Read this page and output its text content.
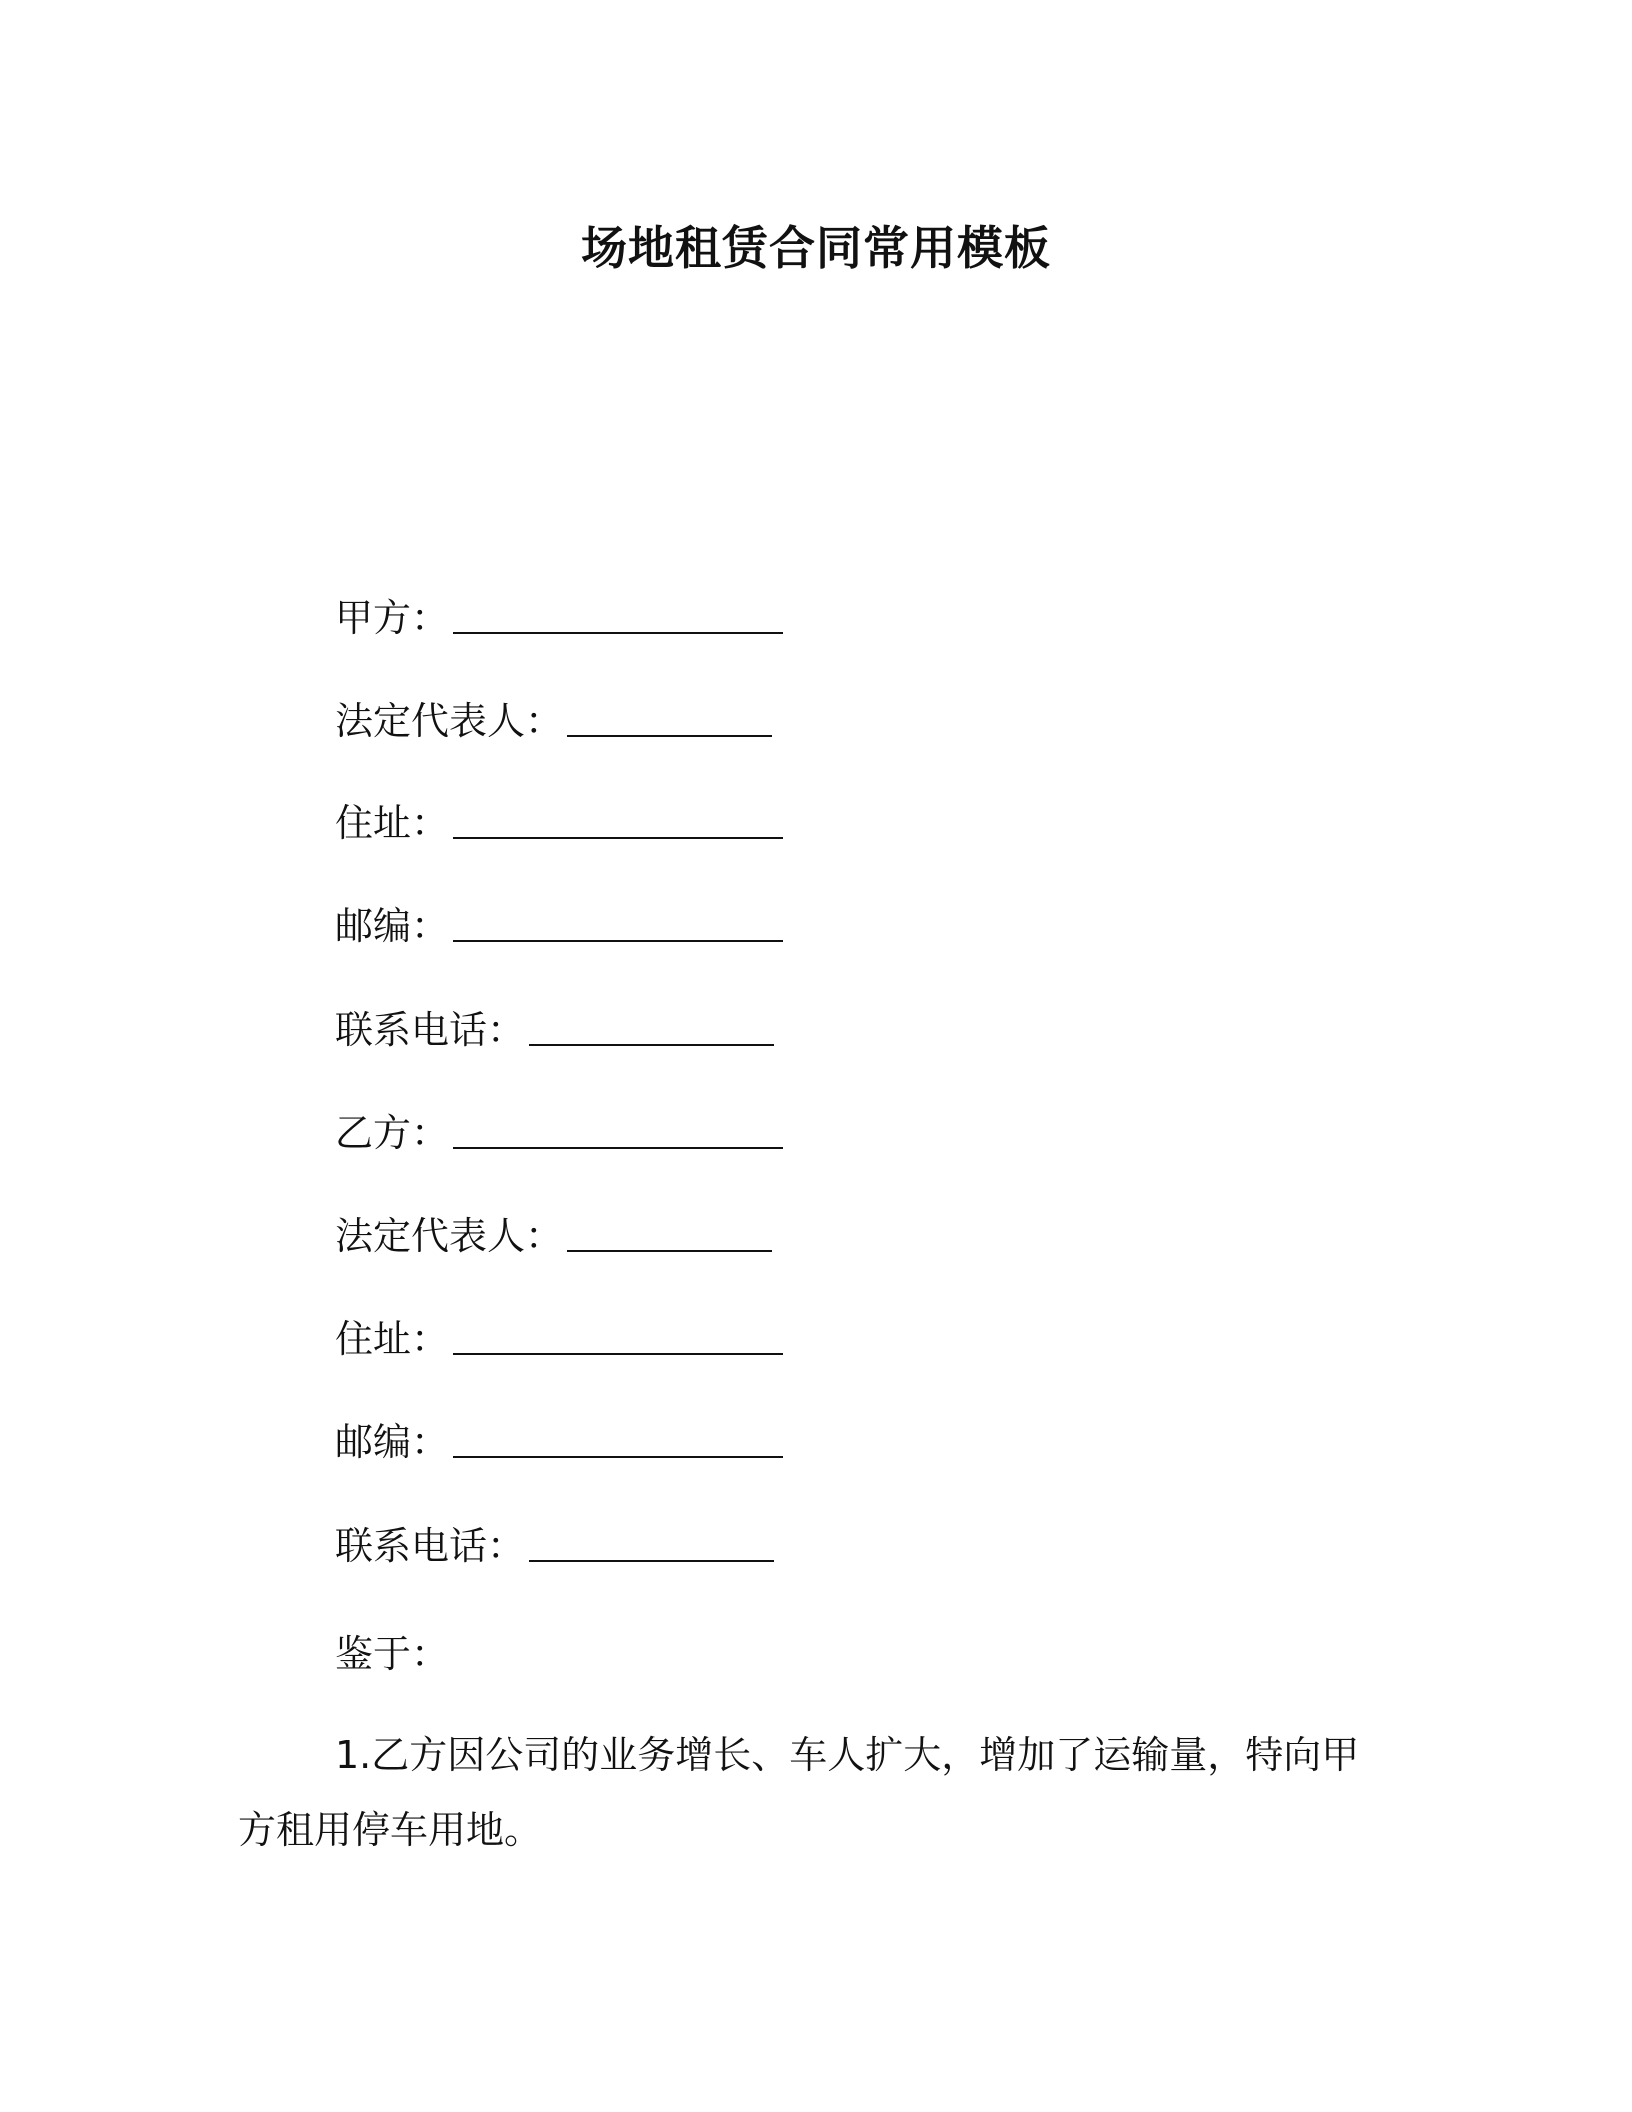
场地租赁合同常用模板
甲方：
法定代表人：
住址：
邮编：
联系电话：
乙方：
法定代表人：
住址：
邮编：
联系电话：
鉴于：
1.乙方因公司的业务增长、车人扩大，增加了运输量，特向甲方租用停车用地。
